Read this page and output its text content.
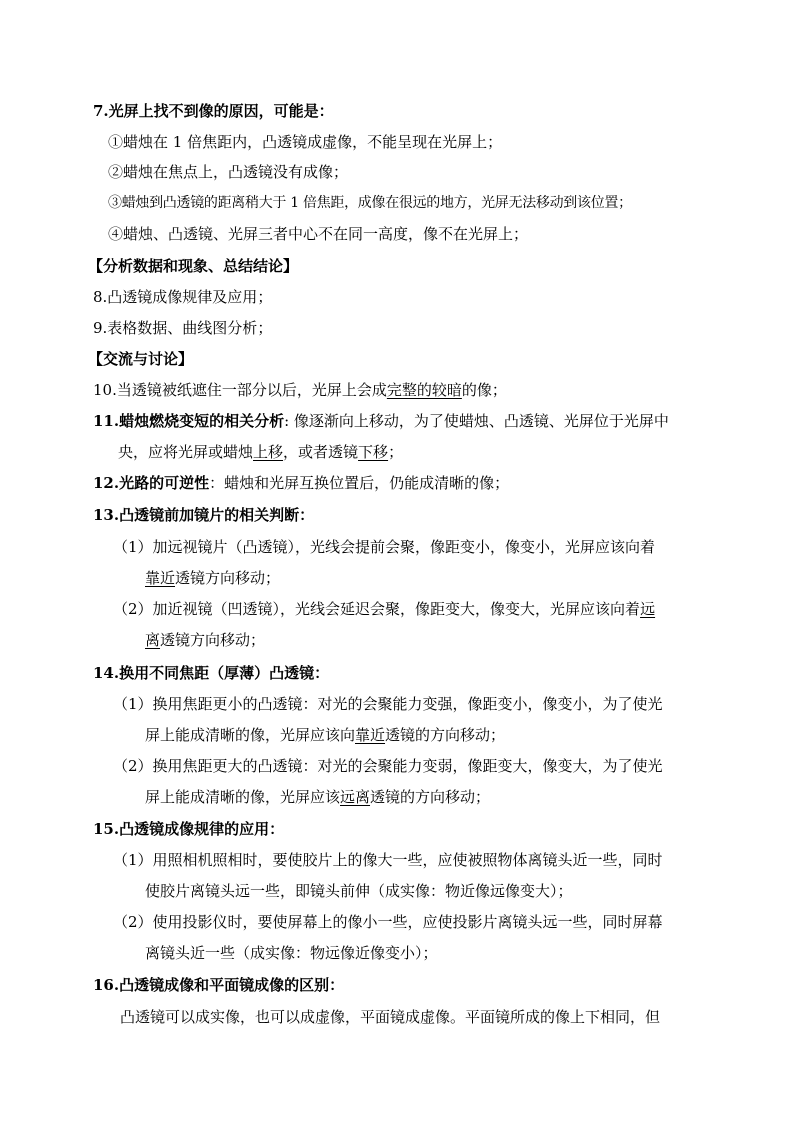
7.光屏上找不到像的原因，可能是：
①蜡烛在 1 倍焦距内，凸透镜成虚像，不能呈现在光屏上；
②蜡烛在焦点上，凸透镜没有成像；
③蜡烛到凸透镜的距离稍大于 1 倍焦距，成像在很远的地方，光屏无法移动到该位置；
④蜡烛、凸透镜、光屏三者中心不在同一高度，像不在光屏上；
【分析数据和现象、总结结论】
8.凸透镜成像规律及应用；
9.表格数据、曲线图分析；
【交流与讨论】
10.当透镜被纸遮住一部分以后，光屏上会成完整的较暗的像；
11.蜡烛燃烧变短的相关分析: 像逐渐向上移动，为了使蜡烛、凸透镜、光屏位于光屏中
央，应将光屏或蜡烛上移，或者透镜下移；
12.光路的可逆性：蜡烛和光屏互换位置后，仍能成清晰的像；
13.凸透镜前加镜片的相关判断：
（1）加远视镜片（凸透镜），光线会提前会聚，像距变小，像变小，光屏应该向着
靠近透镜方向移动；
（2）加近视镜（凹透镜），光线会延迟会聚，像距变大，像变大，光屏应该向着远
离透镜方向移动；
14.换用不同焦距（厚薄）凸透镜：
（1）换用焦距更小的凸透镜：对光的会聚能力变强，像距变小，像变小，为了使光
屏上能成清晰的像，光屏应该向靠近透镜的方向移动；
（2）换用焦距更大的凸透镜：对光的会聚能力变弱，像距变大，像变大，为了使光
屏上能成清晰的像，光屏应该远离透镜的方向移动；
15.凸透镜成像规律的应用：
（1）用照相机照相时，要使胶片上的像大一些，应使被照物体离镜头近一些，同时
使胶片离镜头远一些，即镜头前伸（成实像：物近像远像变大）；
（2）使用投影仪时，要使屏幕上的像小一些，应使投影片离镜头远一些，同时屏幕
离镜头近一些（成实像：物远像近像变小）；
16.凸透镜成像和平面镜成像的区别：
凸透镜可以成实像，也可以成虚像，平面镜成虚像。平面镜所成的像上下相同，但
